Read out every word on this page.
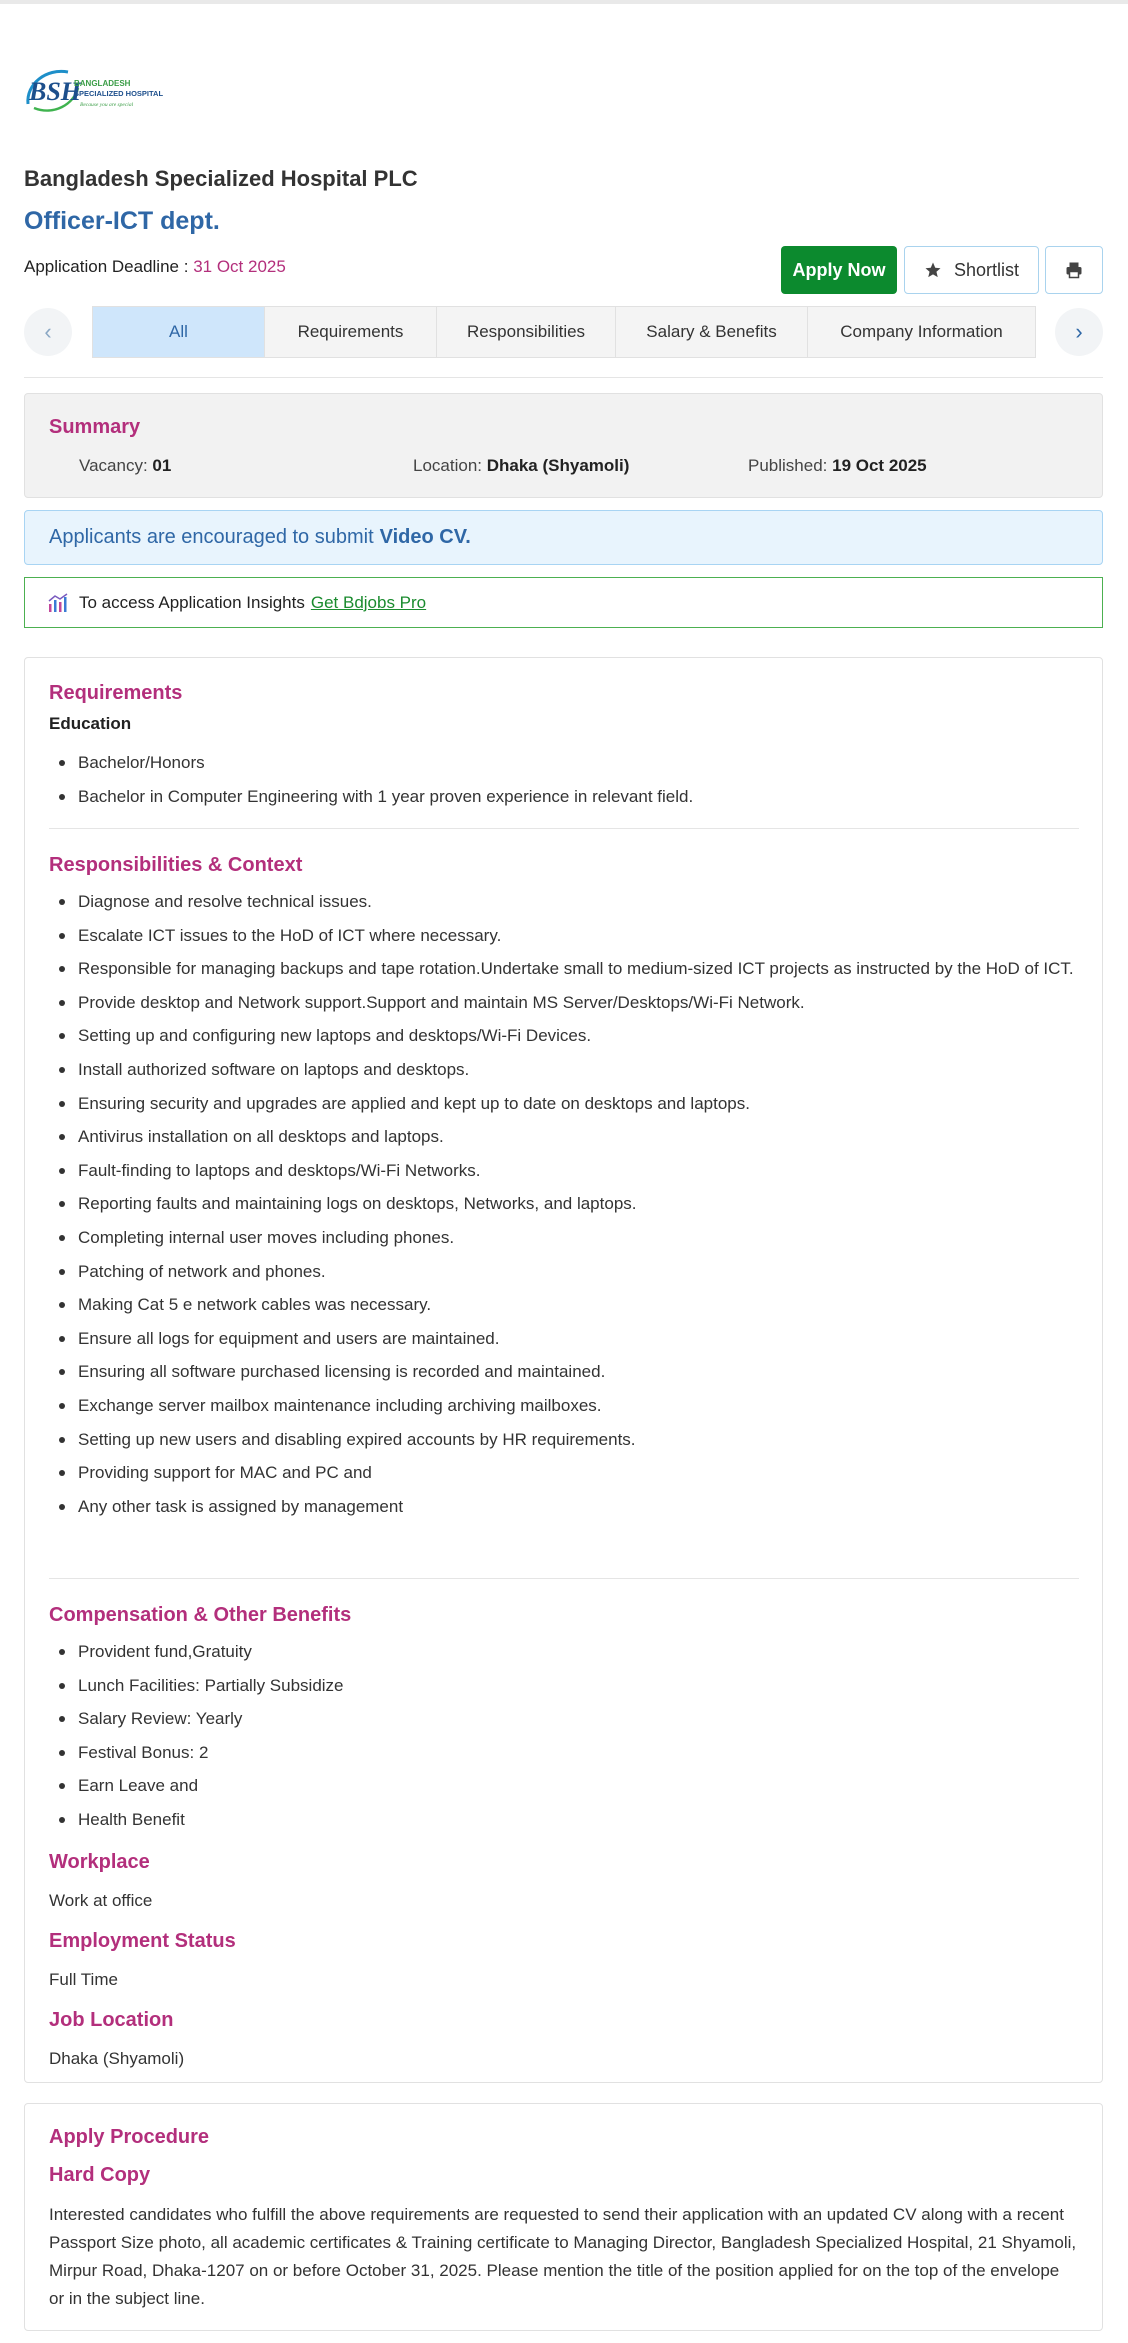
BSH
BANGLADESH
SPECIALIZED HOSPITAL
Because you are special
Bangladesh Specialized Hospital PLC
Officer-ICT dept.
Application Deadline : 31 Oct 2025	Apply Now	Shortlist
‹	All	Requirements	Responsibilities	Salary & Benefits	Company Information	›
Summary
Vacancy: 01	Location: Dhaka (Shyamoli)	Published: 19 Oct 2025
Applicants are encouraged to submit Video CV.
To access Application Insights Get Bdjobs Pro
Requirements
Education
Bachelor/Honors
Bachelor in Computer Engineering with 1 year proven experience in relevant field.
Responsibilities & Context
Diagnose and resolve technical issues.
Escalate ICT issues to the HoD of ICT where necessary.
Responsible for managing backups and tape rotation.Undertake small to medium-sized ICT projects as instructed by the HoD of ICT.
Provide desktop and Network support.Support and maintain MS Server/Desktops/Wi-Fi Network.
Setting up and configuring new laptops and desktops/Wi-Fi Devices.
Install authorized software on laptops and desktops.
Ensuring security and upgrades are applied and kept up to date on desktops and laptops.
Antivirus installation on all desktops and laptops.
Fault-finding to laptops and desktops/Wi-Fi Networks.
Reporting faults and maintaining logs on desktops, Networks, and laptops.
Completing internal user moves including phones.
Patching of network and phones.
Making Cat 5 e network cables was necessary.
Ensure all logs for equipment and users are maintained.
Ensuring all software purchased licensing is recorded and maintained.
Exchange server mailbox maintenance including archiving mailboxes.
Setting up new users and disabling expired accounts by HR requirements.
Providing support for MAC and PC and
Any other task is assigned by management
Compensation & Other Benefits
Provident fund,Gratuity
Lunch Facilities: Partially Subsidize
Salary Review: Yearly
Festival Bonus: 2
Earn Leave and
Health Benefit
Workplace
Work at office
Employment Status
Full Time
Job Location
Dhaka (Shyamoli)
Apply Procedure
Hard Copy

Interested candidates who fulfill the above requirements are requested to send their application with an updated CV along with a recent Passport Size photo, all academic certificates & Training certificate to Managing Director, Bangladesh Specialized Hospital, 21 Shyamoli, Mirpur Road, Dhaka-1207 on or before October 31, 2025. Please mention the title of the position applied for on the top of the envelope or in the subject line.
